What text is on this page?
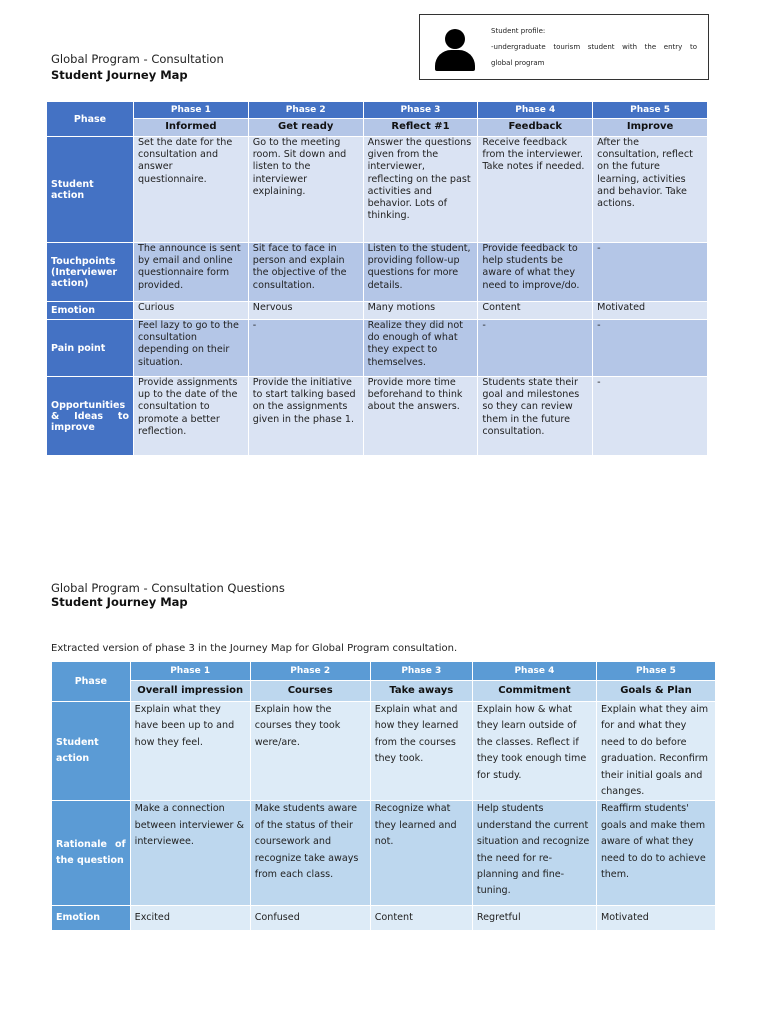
Global Program - Consultation
Student Journey Map
Student profile:
-undergraduate tourism student with the entry to
global program
Phase	Phase 1	Phase 2	Phase 3	Phase 4	Phase 5
	Informed	Get ready	Reflect #1	Feedback	Improve
Student action	Set the date for the consultation and answer questionnaire.	Go to the meeting room. Sit down and listen to the interviewer explaining.	Answer the questions given from the interviewer, reflecting on the past activities and behavior. Lots of thinking.	Receive feedback from the interviewer. Take notes if needed.	After the consultation, reflect on the future learning, activities and behavior. Take actions.
Touchpoints (Interviewer action)	The announce is sent by email and online questionnaire form provided.	Sit face to face in person and explain the objective of the consultation.	Listen to the student, providing follow-up questions for more details.	Provide feedback to help students be aware of what they need to improve/do.	-
Emotion	Curious	Nervous	Many motions	Content	Motivated
Pain point	Feel lazy to go to the consultation depending on their situation.	-	Realize they did not do enough of what they expect to themselves.	-	-
Opportunities & Ideas to improve	Provide assignments up to the date of the consultation to promote a better reflection.	Provide the initiative to start talking based on the assignments given in the phase 1.	Provide more time beforehand to think about the answers.	Students state their goal and milestones so they can review them in the future consultation.	-
Global Program - Consultation Questions
Student Journey Map
Extracted version of phase 3 in the Journey Map for Global Program consultation.
Phase	Phase 1	Phase 2	Phase 3	Phase 4	Phase 5
	Overall impression	Courses	Take aways	Commitment	Goals & Plan
Student action	Explain what they have been up to and how they feel.	Explain how the courses they took were/are.	Explain what and how they learned from the courses they took.	Explain how & what they learn outside of the classes. Reflect if they took enough time for study.	Explain what they aim for and what they need to do before graduation. Reconfirm their initial goals and changes.
Rationale of the question	Make a connection between interviewer & interviewee.	Make students aware of the status of their coursework and recognize take aways from each class.	Recognize what they learned and not.	Help students understand the current situation and recognize the need for re-planning and fine-tuning.	Reaffirm students' goals and make them aware of what they need to do to achieve them.
Emotion	Excited	Confused	Content	Regretful	Motivated
